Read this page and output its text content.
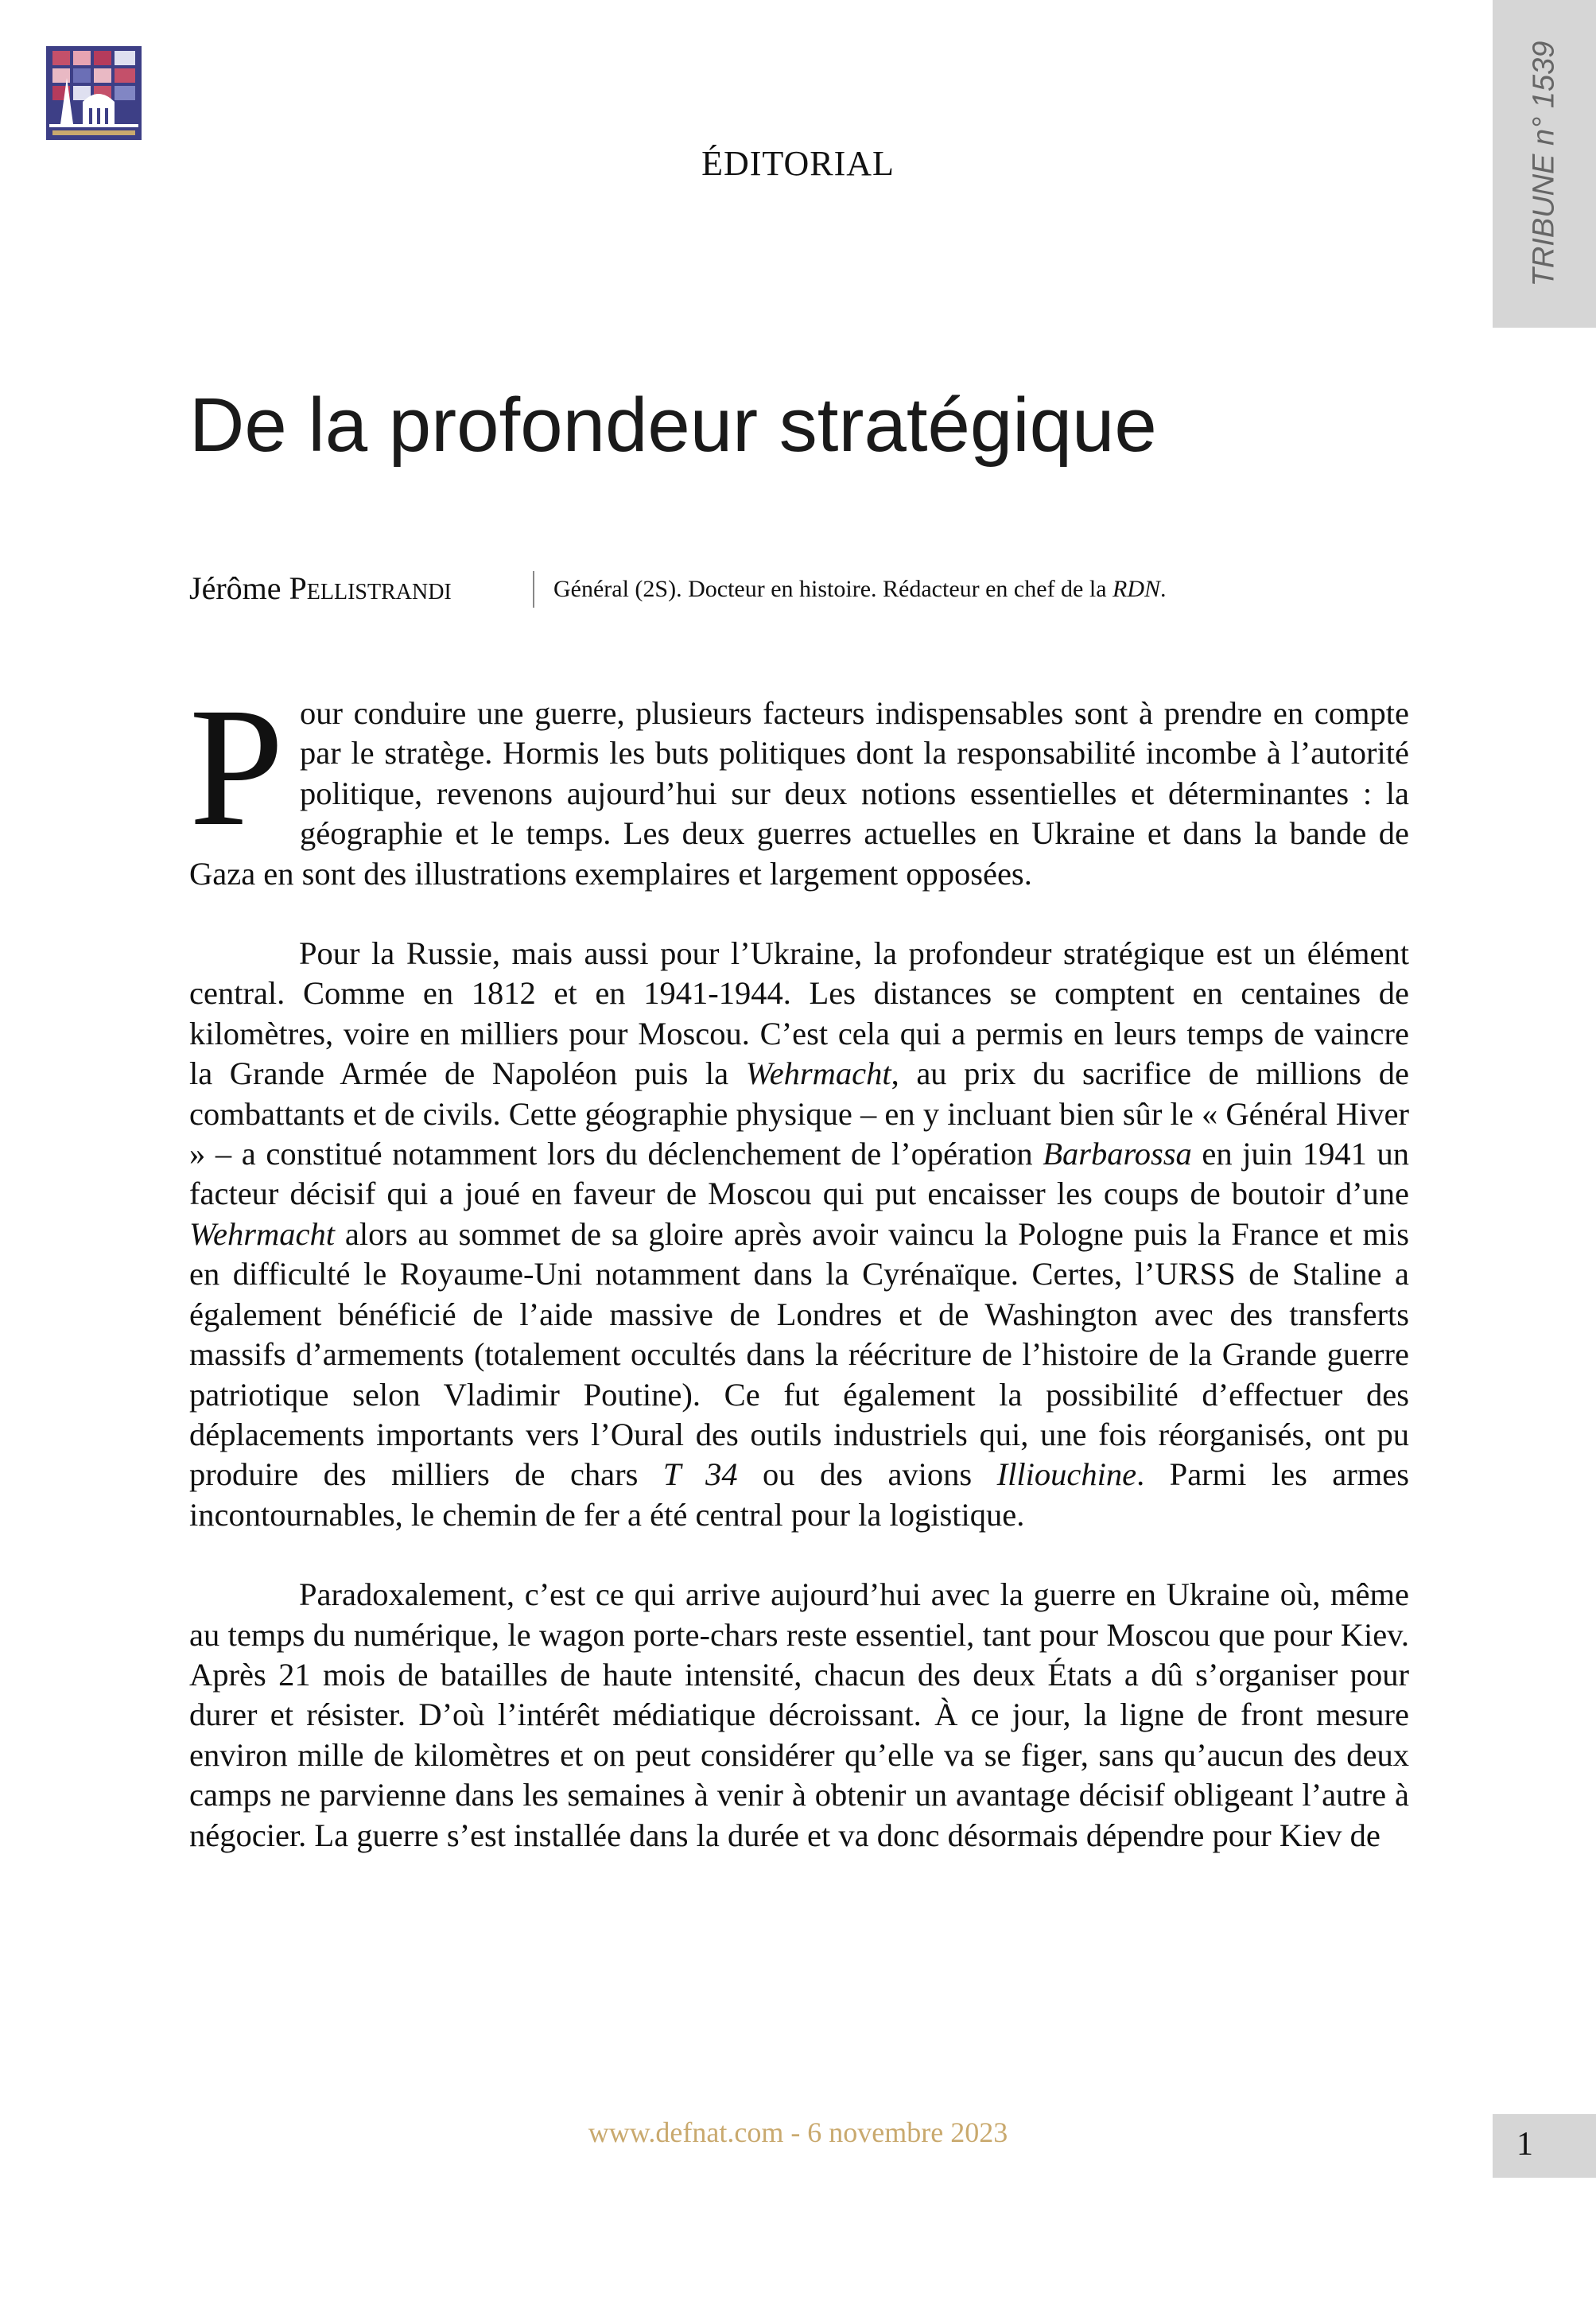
TRIBUNE n° 1539
ÉDITORIAL
De la profondeur stratégique
Jérôme Pellistrandi	Général (2S). Docteur en histoire. Rédacteur en chef de la RDN.

Pour conduire une guerre, plusieurs facteurs indispensables sont à prendre en compte par le stratège. Hormis les buts politiques dont la responsabilité incombe à l’autorité politique, revenons aujourd’hui sur deux notions essentielles et déterminantes : la géographie et le temps. Les deux guerres actuelles en Ukraine et dans la bande de Gaza en sont des illustrations exemplaires et largement opposées.

Pour la Russie, mais aussi pour l’Ukraine, la profondeur stratégique est un élément central. Comme en 1812 et en 1941-1944. Les distances se comptent en centaines de kilomètres, voire en milliers pour Moscou. C’est cela qui a permis en leurs temps de vaincre la Grande Armée de Napoléon puis la Wehrmacht, au prix du sacrifice de millions de combattants et de civils. Cette géographie physique – en y incluant bien sûr le « Général Hiver » – a constitué notamment lors du déclenchement de l’opération Barbarossa en juin 1941 un facteur décisif qui a joué en faveur de Moscou qui put encaisser les coups de boutoir d’une Wehrmacht alors au sommet de sa gloire après avoir vaincu la Pologne puis la France et mis en difficulté le Royaume-Uni notamment dans la Cyrénaïque. Certes, l’URSS de Staline a également bénéficié de l’aide massive de Londres et de Washington avec des transferts massifs d’armements (totalement occultés dans la réécriture de l’histoire de la Grande guerre patriotique selon Vladimir Poutine). Ce fut également la possibilité d’effectuer des déplacements importants vers l’Oural des outils industriels qui, une fois réorganisés, ont pu produire des milliers de chars T 34 ou des avions Illiouchine. Parmi les armes incontournables, le chemin de fer a été central pour la logistique.

Paradoxalement, c’est ce qui arrive aujourd’hui avec la guerre en Ukraine où, même au temps du numérique, le wagon porte-chars reste essentiel, tant pour Moscou que pour Kiev. Après 21 mois de batailles de haute intensité, chacun des deux États a dû s’organiser pour durer et résister. D’où l’intérêt médiatique décroissant. À ce jour, la ligne de front mesure environ mille de kilomètres et on peut considérer qu’elle va se figer, sans qu’aucun des deux camps ne parvienne dans les semaines à venir à obtenir un avantage décisif obligeant l’autre à négocier. La guerre s’est installée dans la durée et va donc désormais dépendre pour Kiev de

www.defnat.com - 6 novembre 2023	1
